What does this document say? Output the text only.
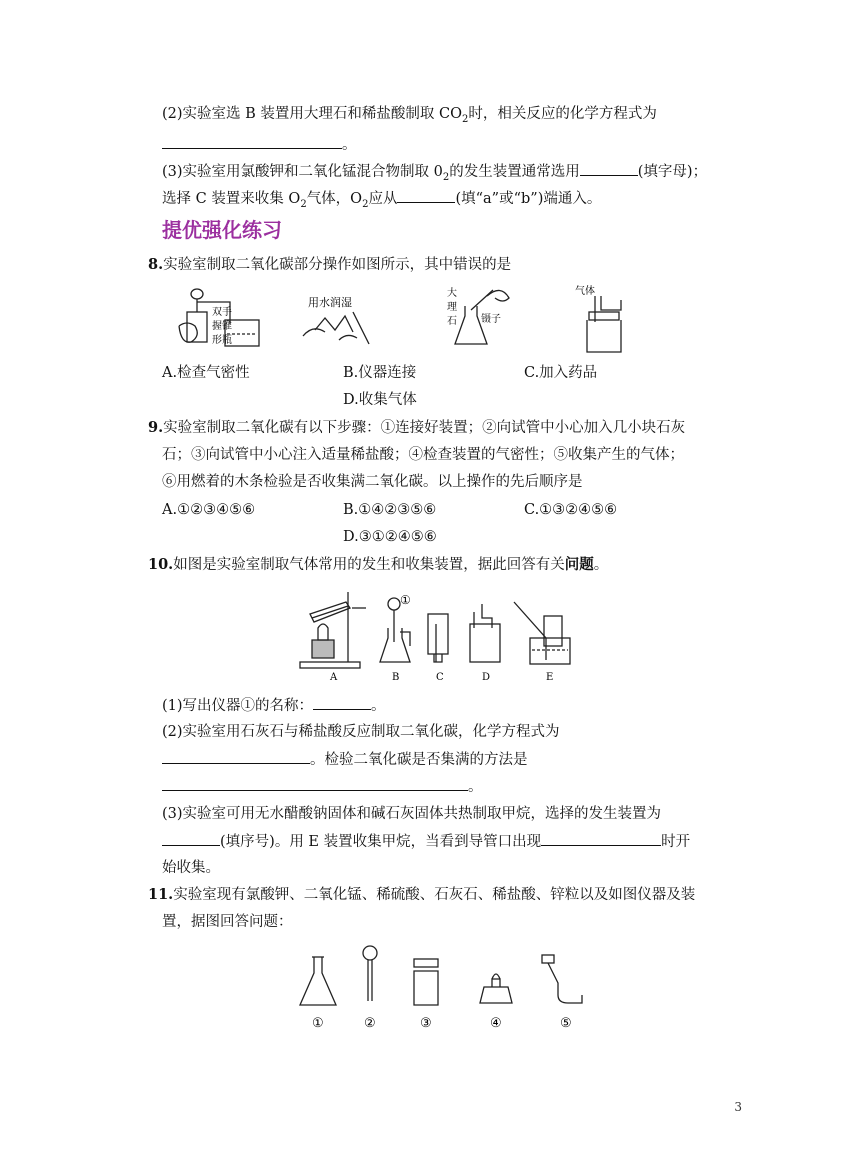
(2)实验室选 B 装置用大理石和稀盐酸制取 $CO_2$时，相关反应的化学方程式为
。
(3)实验室用氯酸钾和二氧化锰混合物制取 $0_2$的发生装置通常选用	(填字母)；
选择 C 装置来收集 $O_2$气体，$O_2$应从	(填“a”或“b”)端通入。
提优强化练习
8.实验室制取二氧化碳部分操作如图所示，其中错误的是
双手
握锥
形瓶
用水润湿
大
理
石 镊子
气体
A.检查气密性	B.仪器连接	C.加入药品
D.收集气体
9.实验室制取二氧化碳有以下步骤：①连接好装置；②向试管中小心加入几小块石灰
石；③向试管中小心注入适量稀盐酸；④检查装置的气密性；⑤收集产生的气体；
⑥用燃着的木条检验是否收集满二氧化碳。以上操作的先后顺序是
A.①②③④⑤⑥	B.①④②③⑤⑥	C.①③②④⑤⑥
D.③①②④⑤⑥
10.如图是实验室制取气体常用的发生和收集装置，据此回答有关问题。
①
A	B	C	D	E
(1)写出仪器①的名称：	。
(2)实验室用石灰石与稀盐酸反应制取二氧化碳，化学方程式为
。检验二氧化碳是否集满的方法是
。
(3)实验室可用无水醋酸钠固体和碱石灰固体共热制取甲烷，选择的发生装置为
(填序号)。用 E 装置收集甲烷，当看到导管口出现	时开
始收集。
11.实验室现有氯酸钾、二氧化锰、稀硫酸、石灰石、稀盐酸、锌粒以及如图仪器及装
置，据图回答问题：
①	②	③	④	⑤
3
